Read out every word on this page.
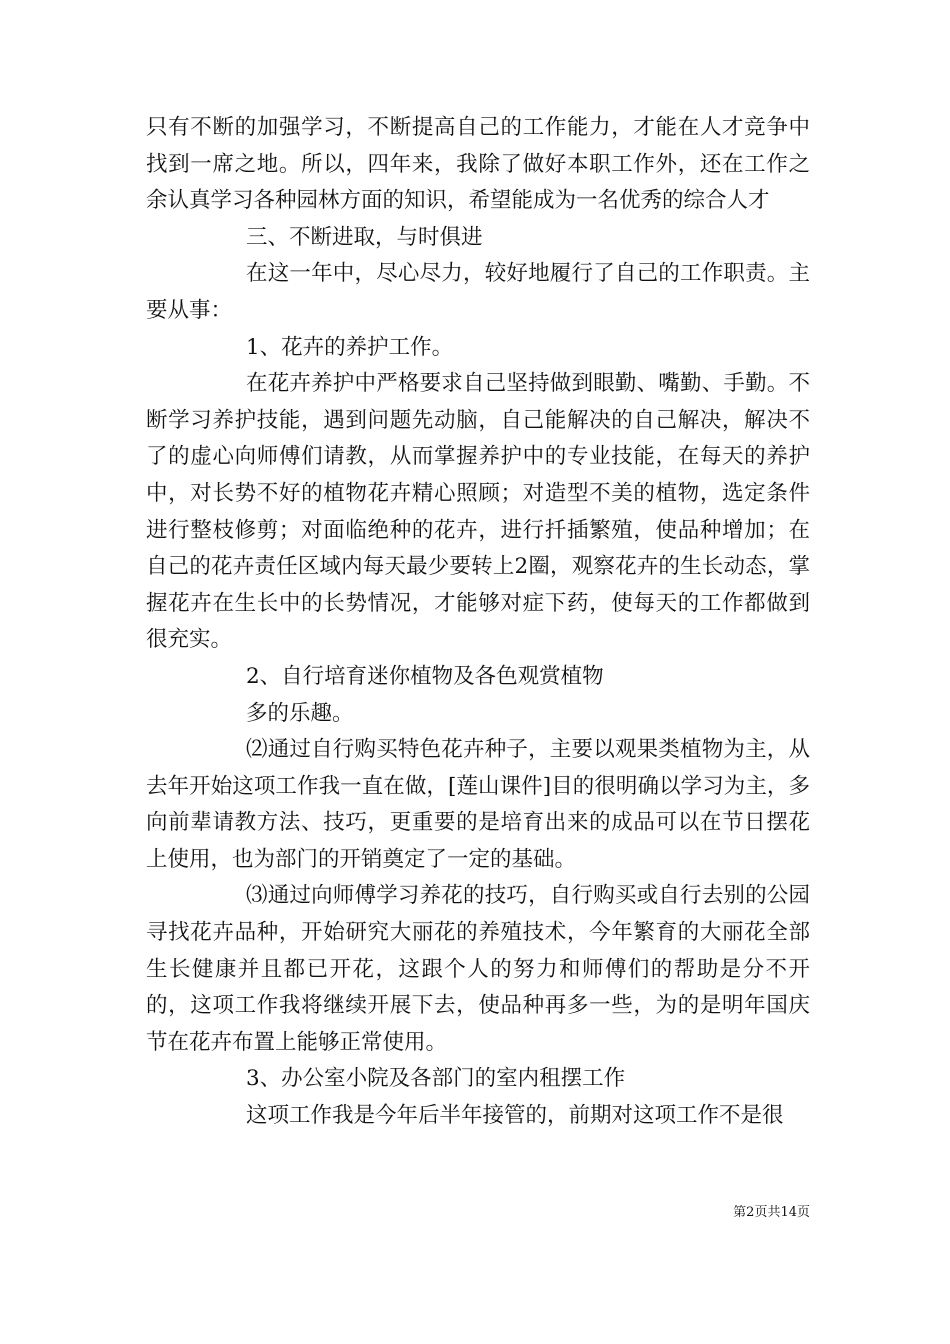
只有不断的加强学习，不断提高自己的工作能力，才能在人才竞争中找到一席之地。所以，四年来，我除了做好本职工作外，还在工作之余认真学习各种园林方面的知识，希望能成为一名优秀的综合人才

三、不断进取，与时俱进

在这一年中，尽心尽力，较好地履行了自己的工作职责。主要从事：

1、花卉的养护工作。

在花卉养护中严格要求自己坚持做到眼勤、嘴勤、手勤。不断学习养护技能，遇到问题先动脑，自己能解决的自己解决，解决不了的虚心向师傅们请教，从而掌握养护中的专业技能，在每天的养护中，对长势不好的植物花卉精心照顾；对造型不美的植物，选定条件进行整枝修剪；对面临绝种的花卉，进行扦插繁殖，使品种增加；在自己的花卉责任区域内每天最少要转上2圈，观察花卉的生长动态，掌握花卉在生长中的长势情况，才能够对症下药，使每天的工作都做到很充实。

2、自行培育迷你植物及各色观赏植物

多的乐趣。

⑵通过自行购买特色花卉种子，主要以观果类植物为主，从去年开始这项工作我一直在做，[莲山课件]目的很明确以学习为主，多向前辈请教方法、技巧，更重要的是培育出来的成品可以在节日摆花上使用，也为部门的开销奠定了一定的基础。

⑶通过向师傅学习养花的技巧，自行购买或自行去别的公园寻找花卉品种，开始研究大丽花的养殖技术，今年繁育的大丽花全部生长健康并且都已开花，这跟个人的努力和师傅们的帮助是分不开的，这项工作我将继续开展下去，使品种再多一些，为的是明年国庆节在花卉布置上能够正常使用。

3、办公室小院及各部门的室内租摆工作

这项工作我是今年后半年接管的，前期对这项工作不是很

第2页共14页
